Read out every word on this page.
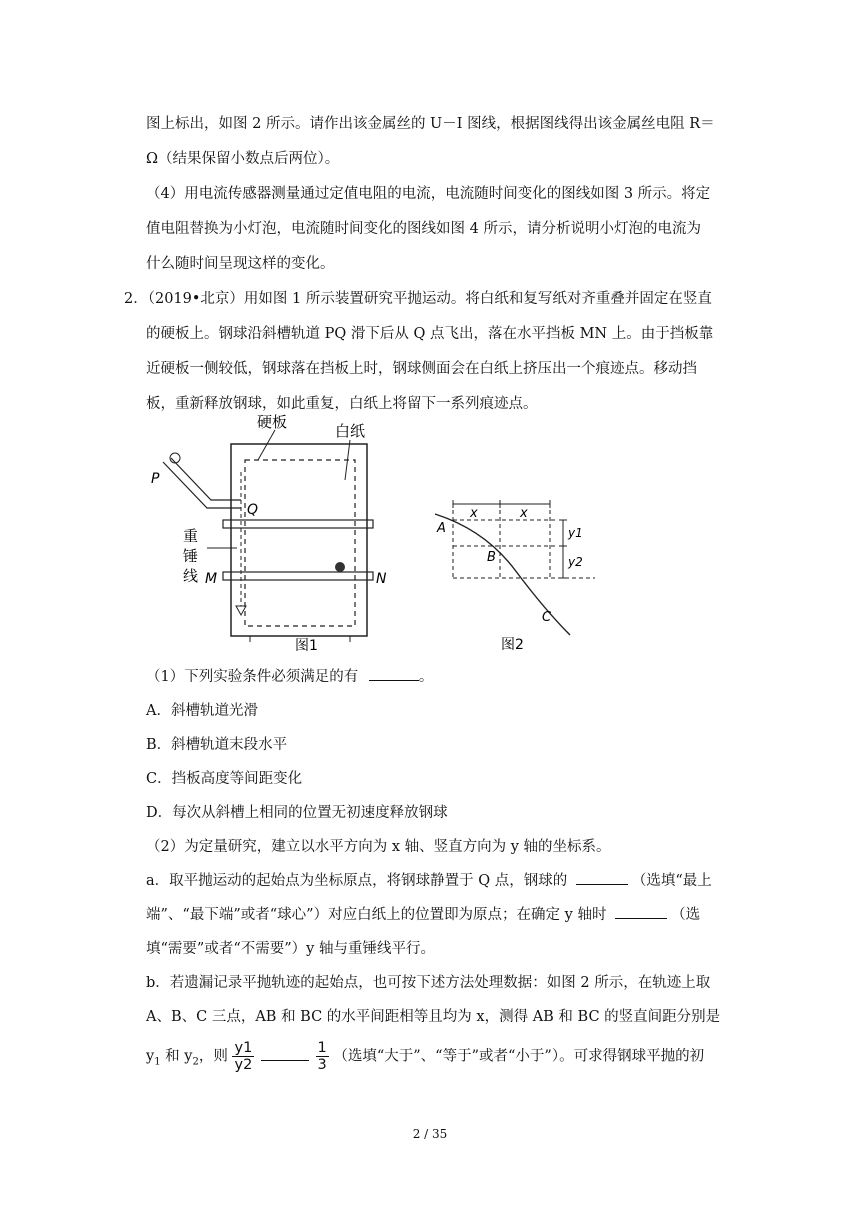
图上标出，如图 2 所示。请作出该金属丝的 U－I 图线，根据图线得出该金属丝电阻 R＝
Ω（结果保留小数点后两位）。
（4）用电流传感器测量通过定值电阻的电流，电流随时间变化的图线如图 3 所示。将定
值电阻替换为小灯泡，电流随时间变化的图线如图 4 所示，请分析说明小灯泡的电流为
什么随时间呈现这样的变化。
2．（2019•北京）用如图 1 所示装置研究平抛运动。将白纸和复写纸对齐重叠并固定在竖直
的硬板上。钢球沿斜槽轨道 PQ 滑下后从 Q 点飞出，落在水平挡板 MN 上。由于挡板靠
近硬板一侧较低，钢球落在挡板上时，钢球侧面会在白纸上挤压出一个痕迹点。移动挡
板，重新释放钢球，如此重复，白纸上将留下一系列痕迹点。
硬板	白纸
P
Q
M	N
重
锤
线
图1
x	x
A
B
C
y1
y2
图2
（1）下列实验条件必须满足的有	。
A．斜槽轨道光滑
B．斜槽轨道末段水平
C．挡板高度等间距变化
D．每次从斜槽上相同的位置无初速度释放钢球
（2）为定量研究，建立以水平方向为 x 轴、竖直方向为 y 轴的坐标系。
a．取平抛运动的起始点为坐标原点，将钢球静置于 Q 点，钢球的	（选填“最上
端”、“最下端”或者“球心”）对应白纸上的位置即为原点；在确定 y 轴时	（选
填“需要”或者“不需要”）y 轴与重锤线平行。
b．若遗漏记录平抛轨迹的起始点，也可按下述方法处理数据：如图 2 所示，在轨迹上取
A、B、C 三点，AB 和 BC 的水平间距相等且均为 x，测得 AB 和 BC 的竖直间距分别是
$y_1$ 和 $y_2$，则 $\frac{y1}{y2}$
	$\frac{1}{3}$ （选填“大于”、“等于”或者“小于”）。可求得钢球平抛的初
2 / 35
